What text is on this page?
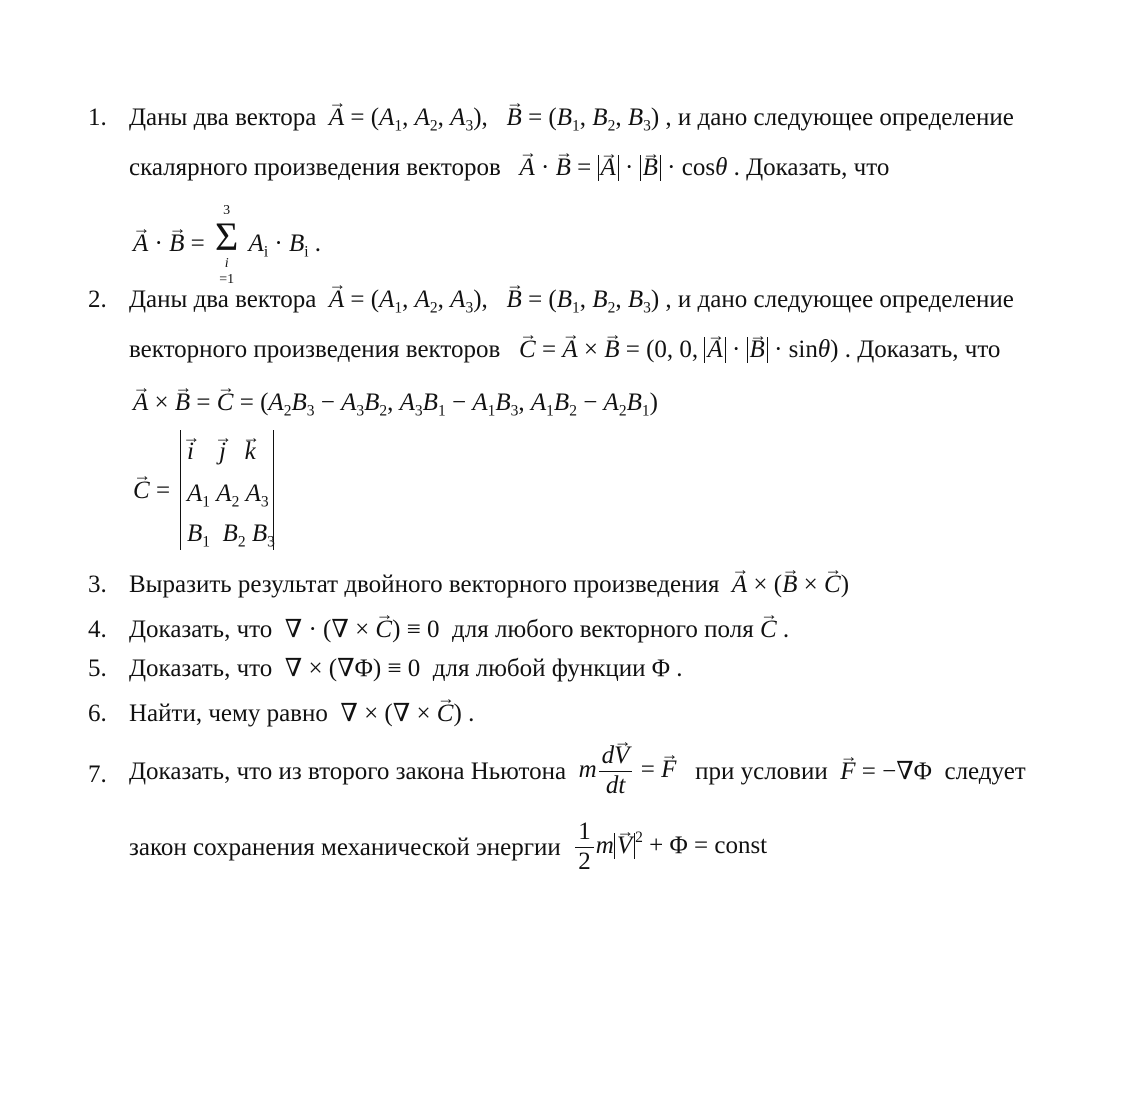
1. Даны два вектора  → $A = (A_1$, $A_2$, $A_3$),   → $B = (B_1$, $B_2$, $B_3$) , и дано следующее определение
скалярного произведения векторов   → A · → B = → A · → B · cosθ . Доказать, что
→ A · → B =
3
Σ
i
=1
$A_i \cdot B_i$ .
2. Даны два вектора  → $A = (A_1$, $A_2$, $A_3$),   → $B = (B_1$, $B_2$, $B_3$) , и дано следующее определение
векторного произведения векторов   → C = → A × → B = (0, 0, → A · → B · sinθ) . Доказать, что
→ A × → B = → $C = (A_2B_3 - A_3B_2$, $A_3B_1 - A_1B_3$, $A_1B_2 - A_2B_1$)
→ C =
→ i    → j   → k
$A_1$ $A_2$ $A_3$
$B_1$ $B_2$ $B_3$
3. Выразить результат двойного векторного произведения  → A × (→ B × → C)
4. Доказать, что ∇ · (∇ × → C) ≡ 0 для любого векторного поля → C .
5. Доказать, что ∇ × (∇Φ) ≡ 0 для любой функции Φ .
6. Найти, чему равно ∇ × (∇ × → C) .
7. Доказать, что из второго закона Ньютона m $\frac{d\to V}{dt}$ = → F при условии  → F = −∇Φ следует
закон сохранения механической энергии $\frac{1}{2} m\to V$ $^2$ + Φ = const
